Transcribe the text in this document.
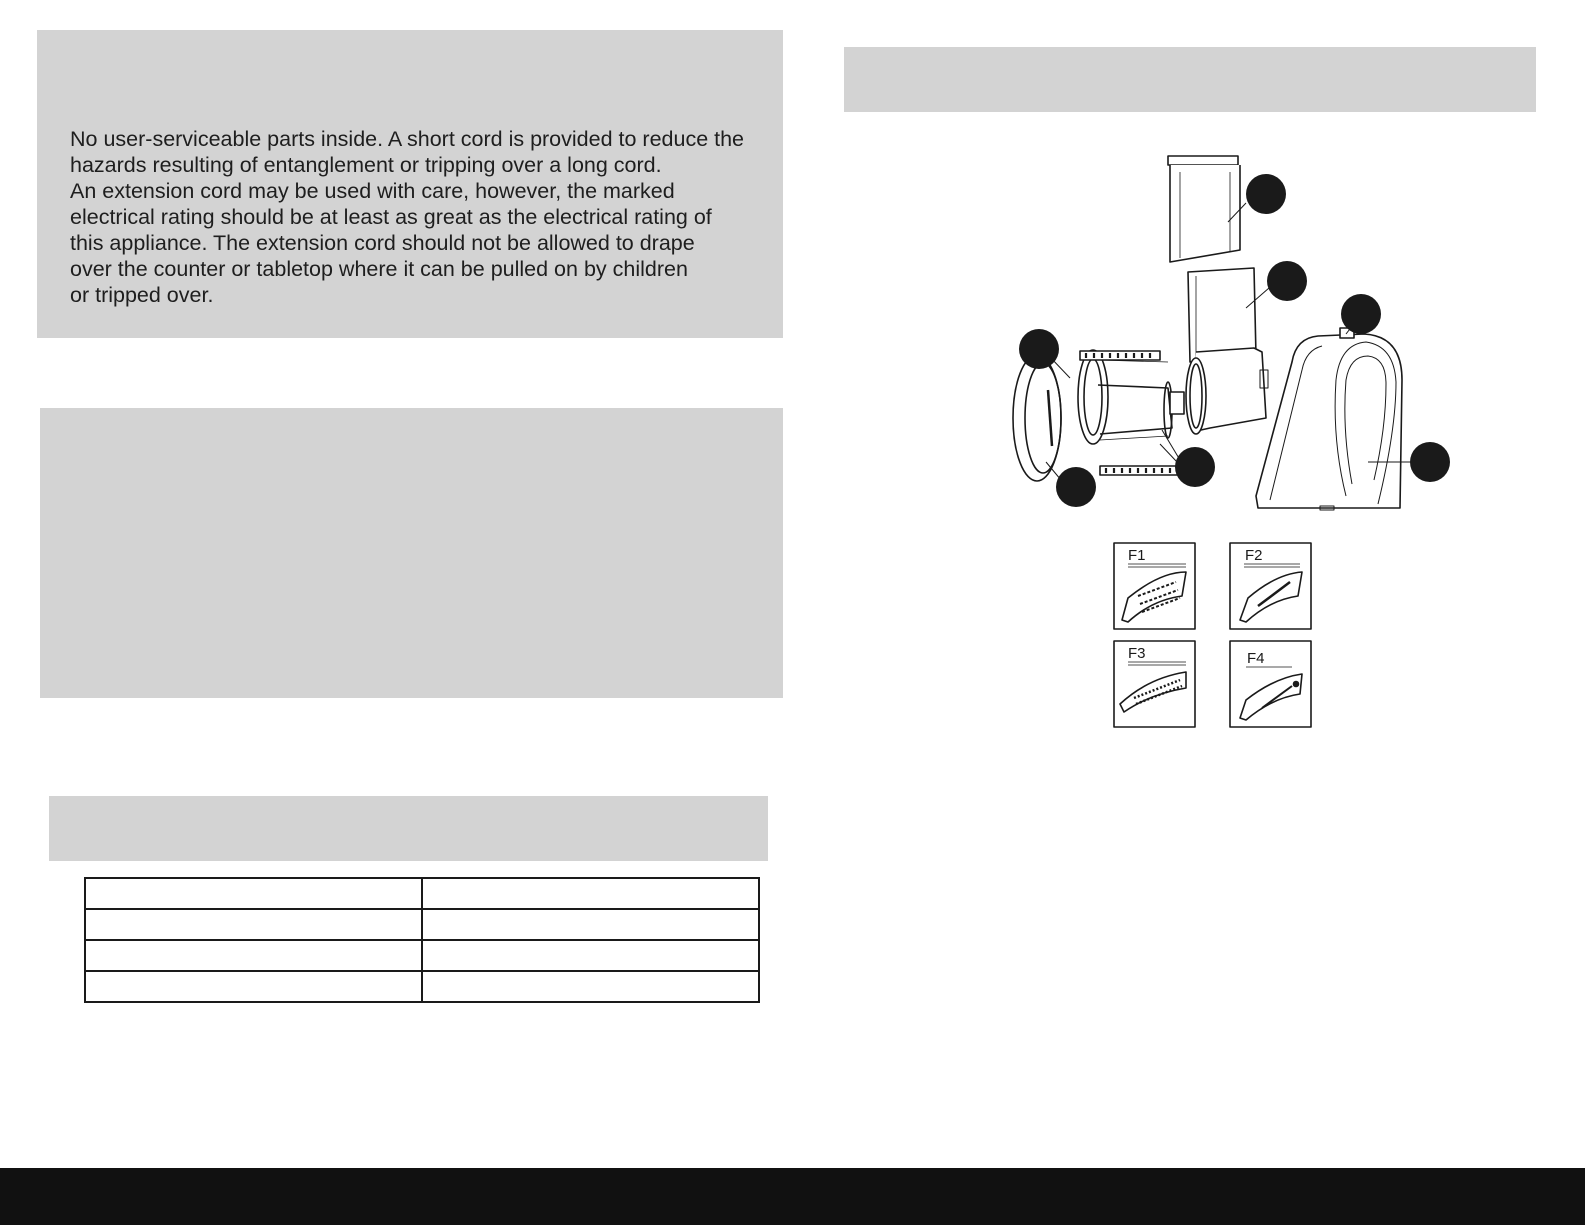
No user-serviceable parts inside. A short cord is provided to reduce the
hazards resulting of entanglement or tripping over a long cord.
An extension cord may be used with care, however, the marked
electrical rating should be at least as great as the electrical rating of
this appliance. The extension cord should not be allowed to drape
over the counter or tabletop where it can be pulled on by children
or tripped over.

F1	F2
F3	F4
